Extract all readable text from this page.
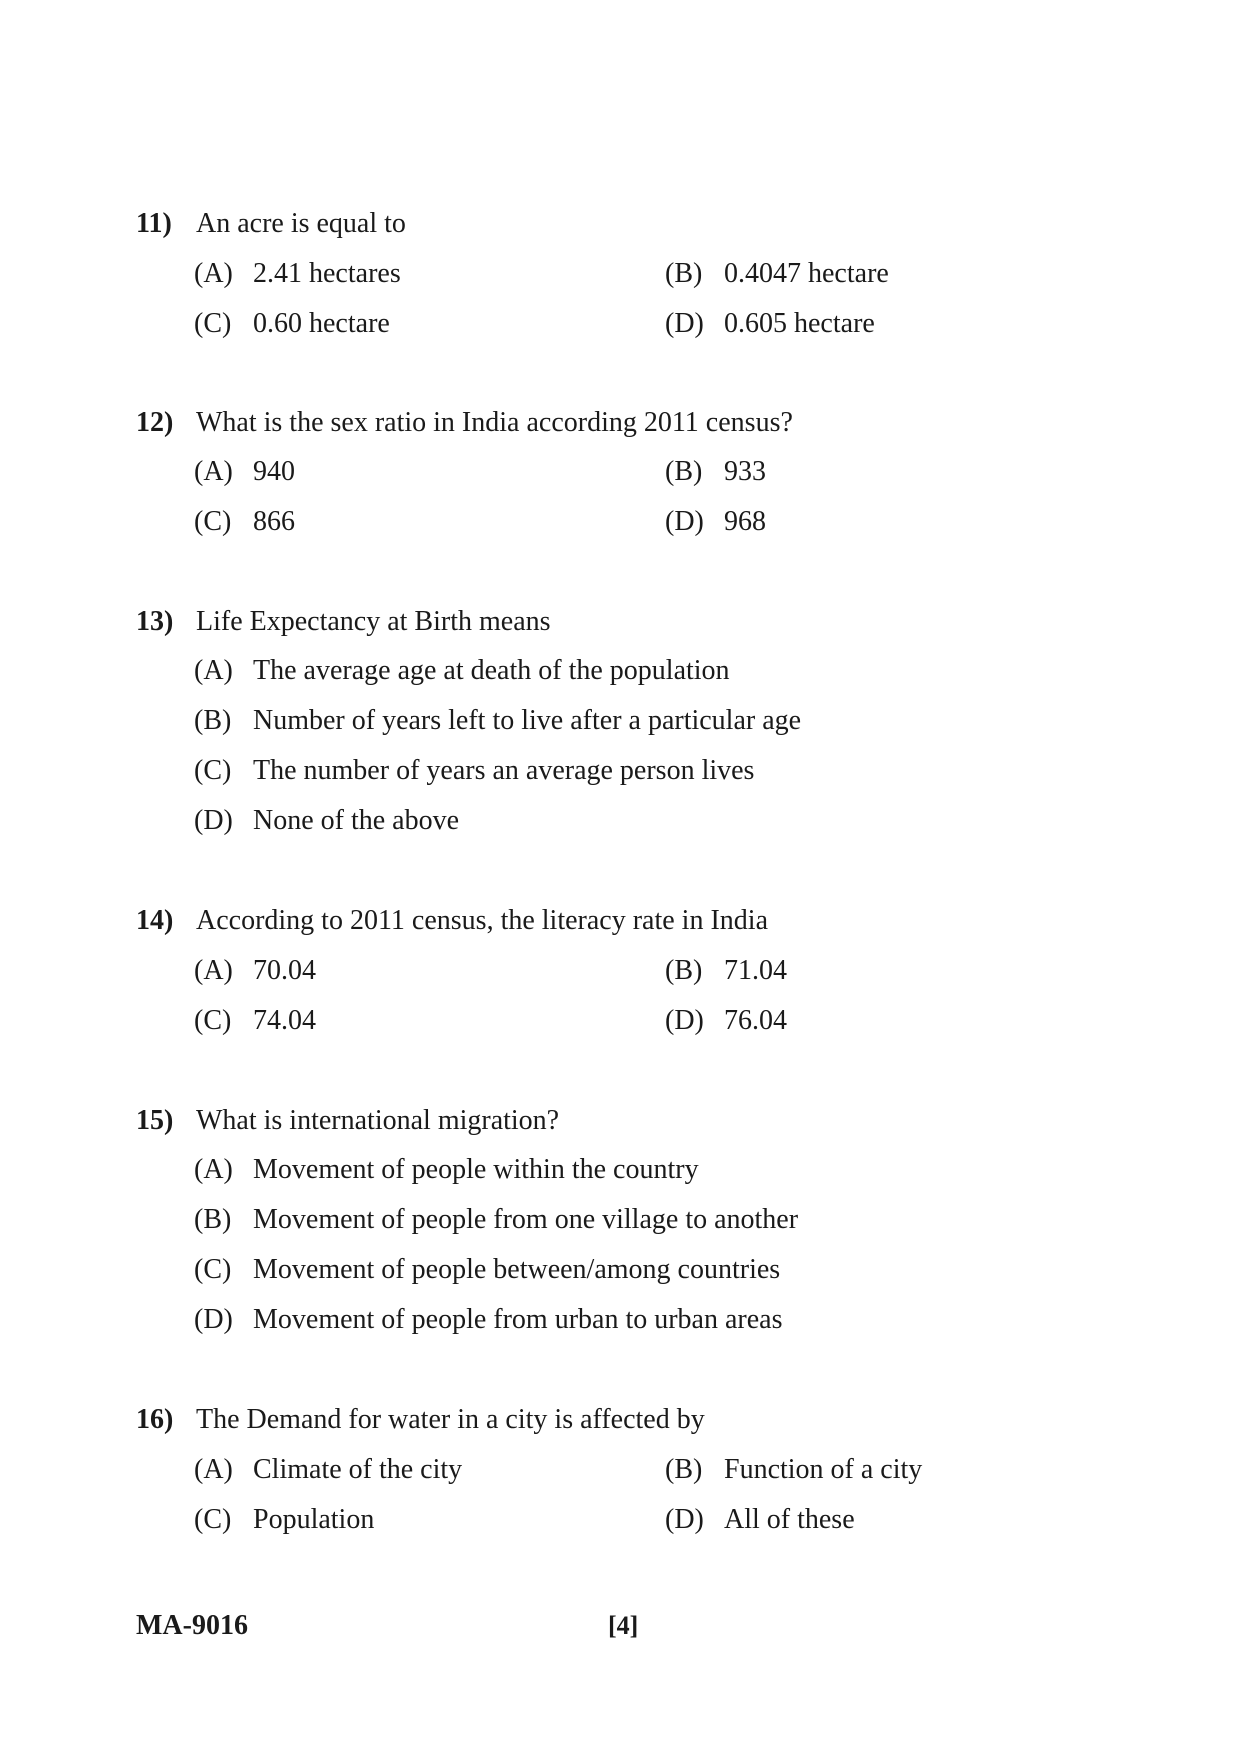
11) An acre is equal to
(A) 2.41 hectares	(B) 0.4047 hectare
(C) 0.60 hectare	(D) 0.605 hectare
12) What is the sex ratio in India according 2011 census?
(A) 940	(B) 933
(C) 866	(D) 968
13) Life Expectancy at Birth means
(A) The average age at death of the population
(B) Number of years left to live after a particular age
(C) The number of years an average person lives
(D) None of the above
14) According to 2011 census, the literacy rate in India
(A) 70.04	(B) 71.04
(C) 74.04	(D) 76.04
15) What is international migration?
(A) Movement of people within the country
(B) Movement of people from one village to another
(C) Movement of people between/among countries
(D) Movement of people from urban to urban areas
16) The Demand for water in a city is affected by
(A) Climate of the city	(B) Function of a city
(C) Population	(D) All of these
MA-9016	[4]
